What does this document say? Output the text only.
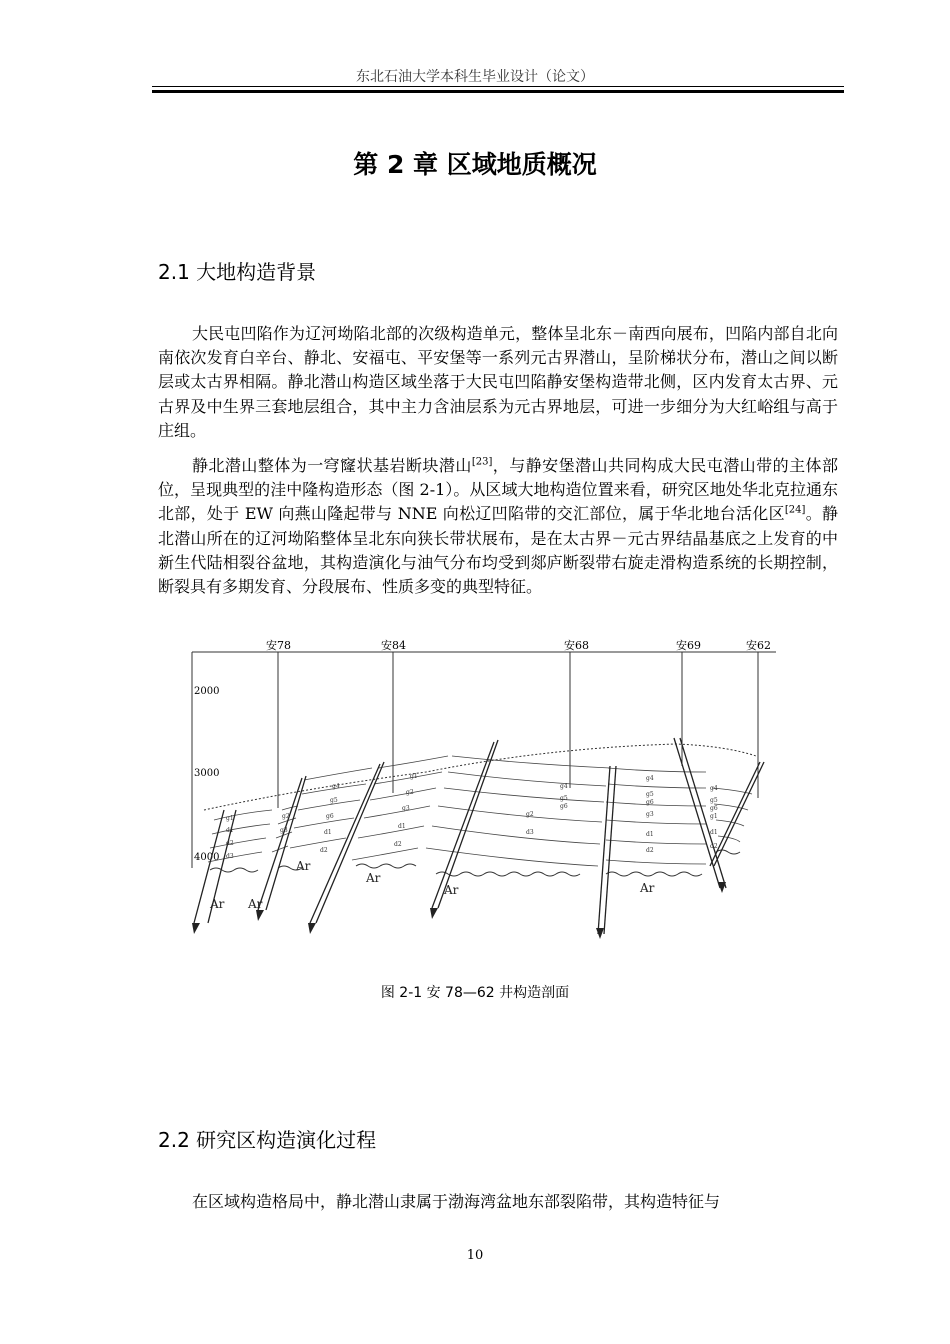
东北石油大学本科生毕业设计（论文）
第 2 章 区域地质概况
2.1 大地构造背景

大民屯凹陷作为辽河坳陷北部的次级构造单元，整体呈北东－南西向展布，凹陷内部自北向南依次发育白辛台、静北、安福屯、平安堡等一系列元古界潜山，呈阶梯状分布，潜山之间以断层或太古界相隔。静北潜山构造区域坐落于大民屯凹陷静安堡构造带北侧，区内发育太古界、元古界及中生界三套地层组合，其中主力含油层系为元古界地层，可进一步细分为大红峪组与高于庄组。

静北潜山整体为一穹窿状基岩断块潜山[23]，与静安堡潜山共同构成大民屯潜山带的主体部位，呈现典型的洼中隆构造形态（图 2-1）。从区域大地构造位置来看，研究区地处华北克拉通东北部，处于 EW 向燕山隆起带与 NNE 向松辽凹陷带的交汇部位，属于华北地台活化区[24]。静北潜山所在的辽河坳陷整体呈北东向狭长带状展布，是在太古界－元古界结晶基底之上发育的中新生代陆相裂谷盆地，其构造演化与油气分布均受到郯庐断裂带右旋走滑构造系统的长期控制，断裂具有多期发育、分段展布、性质多变的典型特征。

2000
3000
4000
安78	安84	安68	安69	安62
d1
d2
d3
g1	g2
g3
g4
g5
g6
d1
d2
g1
g2
g3
d1
d2
d3
g2
g4
g5
g6
d1
d2
g3
g4
g5
g6
d1
d2
g1
g4
g5
g6
Ar Ar
Ar
Ar
Ar	Ar
图 2-1 安 78—62 井构造剖面
2.2 研究区构造演化过程

在区域构造格局中，静北潜山隶属于渤海湾盆地东部裂陷带，其构造特征与

10
